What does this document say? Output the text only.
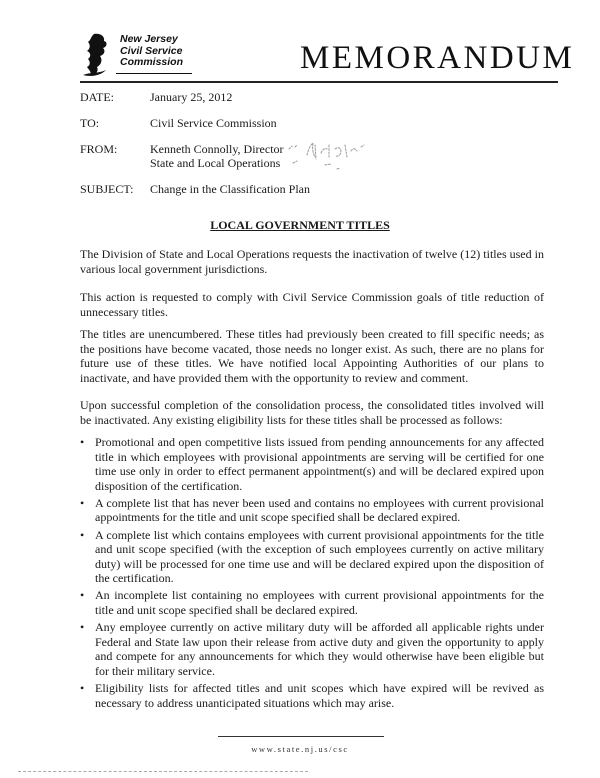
New Jersey
Civil Service
Commission	MEMORANDUM
DATE:	January 25, 2012
TO:	Civil Service Commission
FROM:	Kenneth Connolly, Director
State and Local Operations
SUBJECT:	Change in the Classification Plan
LOCAL GOVERNMENT TITLES
The Division of State and Local Operations requests the inactivation of twelve (12) titles used in various local government jurisdictions.
This action is requested to comply with Civil Service Commission goals of title reduction of unnecessary titles.
The titles are unencumbered. These titles had previously been created to fill specific needs; as the positions have become vacated, those needs no longer exist. As such, there are no plans for future use of these titles. We have notified local Appointing Authorities of our plans to inactivate, and have provided them with the opportunity to review and comment.
Upon successful completion of the consolidation process, the consolidated titles involved will be inactivated. Any existing eligibility lists for these titles shall be processed as follows:
• Promotional and open competitive lists issued from pending announcements for any affected title in which employees with provisional appointments are serving will be certified for one time use only in order to effect permanent appointment(s) and will be declared expired upon disposition of the certification.
• A complete list that has never been used and contains no employees with current provisional appointments for the title and unit scope specified shall be declared expired.
• A complete list which contains employees with current provisional appointments for the title and unit scope specified (with the exception of such employees currently on active military duty) will be processed for one time use and will be declared expired upon the disposition of the certification.
• An incomplete list containing no employees with current provisional appointments for the title and unit scope specified shall be declared expired.
• Any employee currently on active military duty will be afforded all applicable rights under Federal and State law upon their release from active duty and given the opportunity to apply and compete for any announcements for which they would otherwise have been eligible but for their military service.
• Eligibility lists for affected titles and unit scopes which have expired will be revived as necessary to address unanticipated situations which may arise.
www.state.nj.us/csc
